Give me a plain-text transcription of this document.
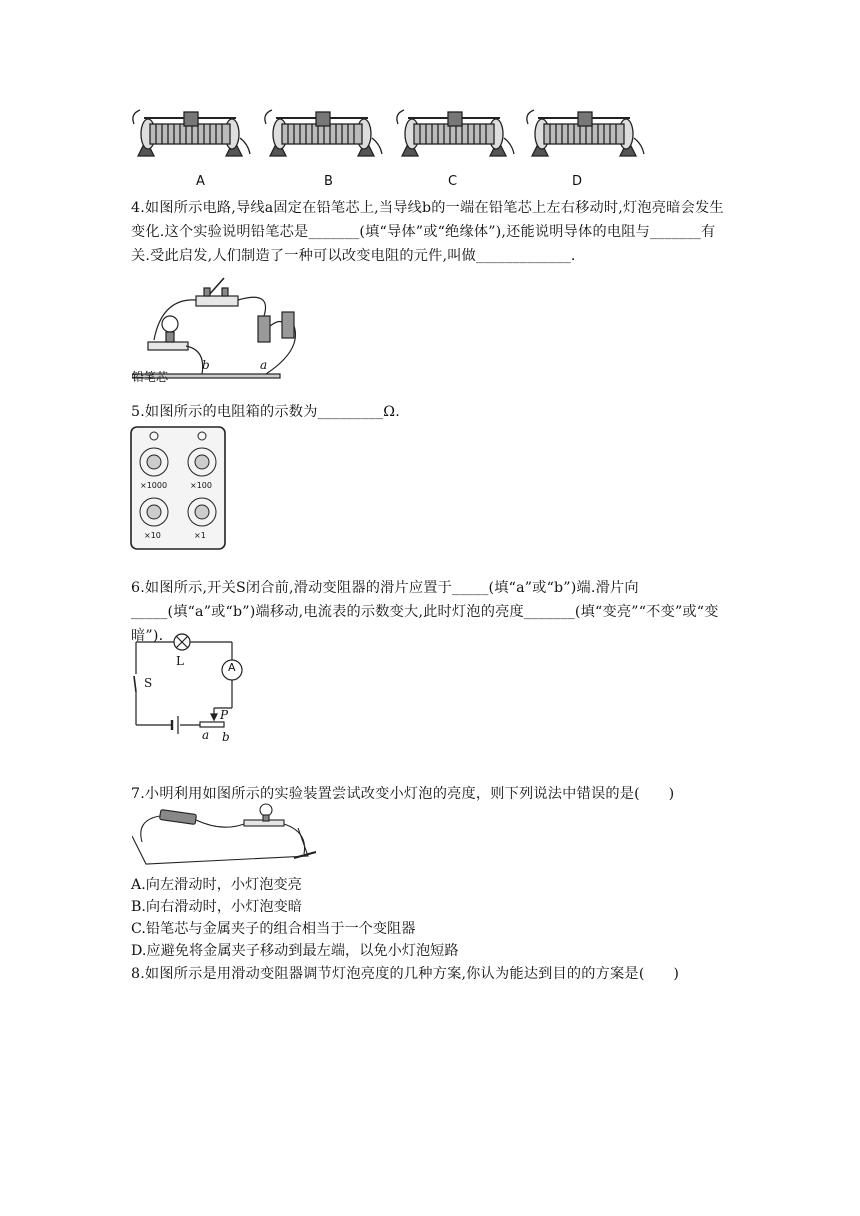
A	B	C	D
4.如图所示电路,导线a固定在铅笔芯上,当导线b的一端在铅笔芯上左右移动时,灯泡亮暗会发生变化.这个实验说明铅笔芯是_______(填“导体”或“绝缘体”),还能说明导体的电阻与_______有关.受此启发,人们制造了一种可以改变电阻的元件,叫做_____________.
铅笔芯
b	a
5.如图所示的电阻箱的示数为_________Ω.
×1000	×100
×10	×1
6.如图所示,开关S闭合前,滑动变阻器的滑片应置于_____(填“a”或“b”)端.滑片向_____(填“a”或“b”)端移动,电流表的示数变大,此时灯泡的亮度_______(填“变亮”“不变”或“变暗”).
L	A
S
P
a b
7.小明利用如图所示的实验装置尝试改变小灯泡的亮度，则下列说法中错误的是(　　)
A.向左滑动时，小灯泡变亮
B.向右滑动时，小灯泡变暗
C.铅笔芯与金属夹子的组合相当于一个变阻器
D.应避免将金属夹子移动到最左端，以免小灯泡短路
8.如图所示是用滑动变阻器调节灯泡亮度的几种方案,你认为能达到目的的方案是(　　)
